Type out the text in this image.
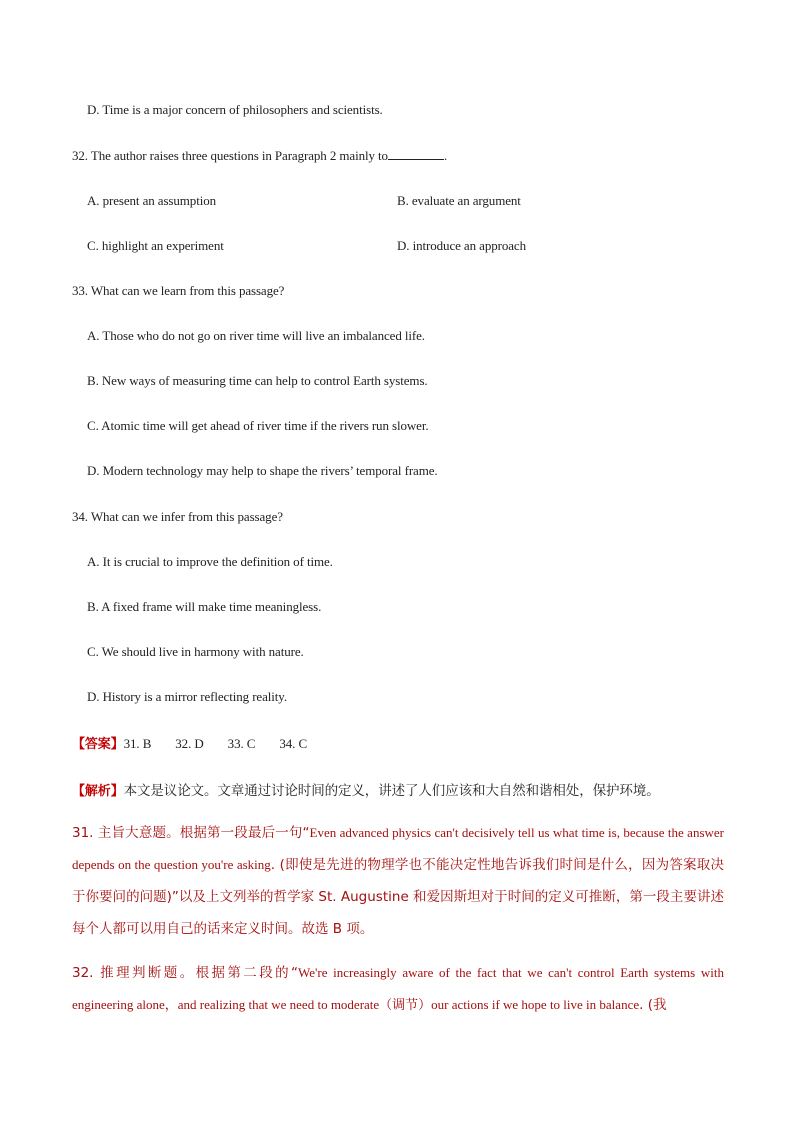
D. Time is a major concern of philosophers and scientists.
32. The author raises three questions in Paragraph 2 mainly to	.
A. present an assumption	B. evaluate an argument
C. highlight an experiment	D. introduce an approach
33. What can we learn from this passage?
A. Those who do not go on river time will live an imbalanced life.
B. New ways of measuring time can help to control Earth systems.
C. Atomic time will get ahead of river time if the rivers run slower.
D. Modern technology may help to shape the rivers’ temporal frame.
34. What can we infer from this passage?
A. It is crucial to improve the definition of time.
B. A fixed frame will make time meaningless.
C. We should live in harmony with nature.
D. History is a mirror reflecting reality.
【答案】31. B 32. D 33. C 34. C
【解析】本文是议论文。文章通过讨论时间的定义，讲述了人们应该和大自然和谐相处，保护环境。
31. 主旨大意题。根据第一段最后一句“Even advanced physics can't decisively tell us what time is, because the answer depends on the question you're asking. (即使是先进的物理学也不能决定性地告诉我们时间是什么，因为答案取决于你要问的问题)”以及上文列举的哲学家 St. Augustine 和爱因斯坦对于时间的定义可推断，第一段主要讲述每个人都可以用自己的话来定义时间。故选 B 项。
32. 推理判断题。根据第二段的“We're increasingly aware of the fact that we can't control Earth systems with engineering alone，and realizing that we need to moderate（调节）our actions if we hope to live in balance. (我
